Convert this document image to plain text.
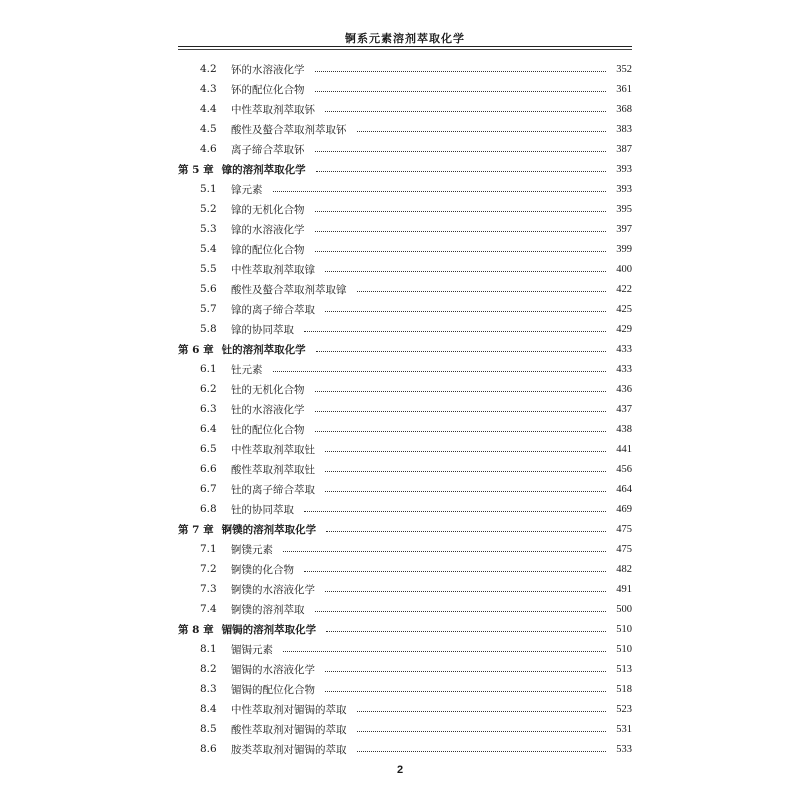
锕系元素溶剂萃取化学
4.2	钚的水溶液化学	352
4.3	钚的配位化合物	361
4.4	中性萃取剂萃取钚	368
4.5	酸性及螯合萃取剂萃取钚	383
4.6	离子缔合萃取钚	387
第 5 章 镎的溶剂萃取化学	393
5.1	镎元素	393
5.2	镎的无机化合物	395
5.3	镎的水溶液化学	397
5.4	镎的配位化合物	399
5.5	中性萃取剂萃取镎	400
5.6	酸性及螯合萃取剂萃取镎	422
5.7	镎的离子缔合萃取	425
5.8	镎的协同萃取	429
第 6 章 钍的溶剂萃取化学	433
6.1	钍元素	433
6.2	钍的无机化合物	436
6.3	钍的水溶液化学	437
6.4	钍的配位化合物	438
6.5	中性萃取剂萃取钍	441
6.6	酸性萃取剂萃取钍	456
6.7	钍的离子缔合萃取	464
6.8	钍的协同萃取	469
第 7 章 锕镤的溶剂萃取化学	475
7.1	锕镤元素	475
7.2	锕镤的化合物	482
7.3	锕镤的水溶液化学	491
7.4	锕镤的溶剂萃取	500
第 8 章 镅锔的溶剂萃取化学	510
8.1	镅锔元素	510
8.2	镅锔的水溶液化学	513
8.3	镅锔的配位化合物	518
8.4	中性萃取剂对镅锔的萃取	523
8.5	酸性萃取剂对镅锔的萃取	531
8.6	胺类萃取剂对镅锔的萃取	533
2
